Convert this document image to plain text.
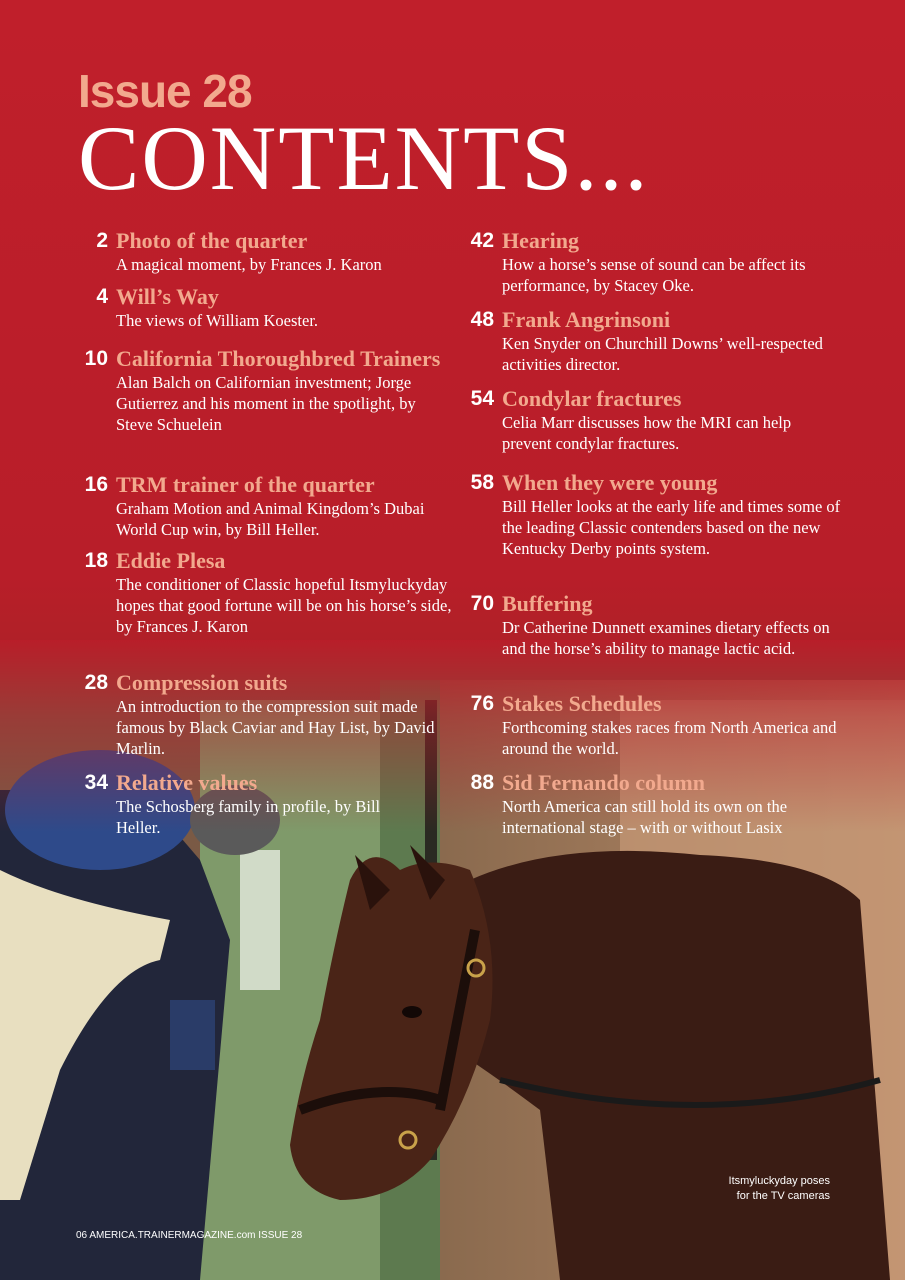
Issue 28
CONTENTS...
2 Photo of the quarter
A magical moment, by Frances J. Karon
4 Will’s Way
The views of William Koester.
10 California Thoroughbred Trainers
Alan Balch on Californian investment; Jorge Gutierrez and his moment in the spotlight, by Steve Schuelein
16 TRM trainer of the quarter
Graham Motion and Animal Kingdom’s Dubai World Cup win, by Bill Heller.
18 Eddie Plesa
The conditioner of Classic hopeful Itsmyluckyday hopes that good fortune will be on his horse’s side, by Frances J. Karon
28 Compression suits
An introduction to the compression suit made famous by Black Caviar and Hay List, by David Marlin.
34 Relative values
The Schosberg family in profile, by Bill Heller.
42 Hearing
How a horse’s sense of sound can be affect its performance, by Stacey Oke.
48 Frank Angrinsoni
Ken Snyder on Churchill Downs’ well-respected activities director.
54 Condylar fractures
Celia Marr discusses how the MRI can help prevent condylar fractures.
58 When they were young
Bill Heller looks at the early life and times some of the leading Classic contenders based on the new Kentucky Derby points system.
70 Buffering
Dr Catherine Dunnett examines dietary effects on and the horse’s ability to manage lactic acid.
76 Stakes Schedules
Forthcoming stakes races from North America and around the world.
88 Sid Fernando column
North America can still hold its own on the international stage – with or without Lasix
Itsmyluckyday poses
for the TV cameras
06 AMERICA.TRAINERMAGAZINE.com ISSUE 28
